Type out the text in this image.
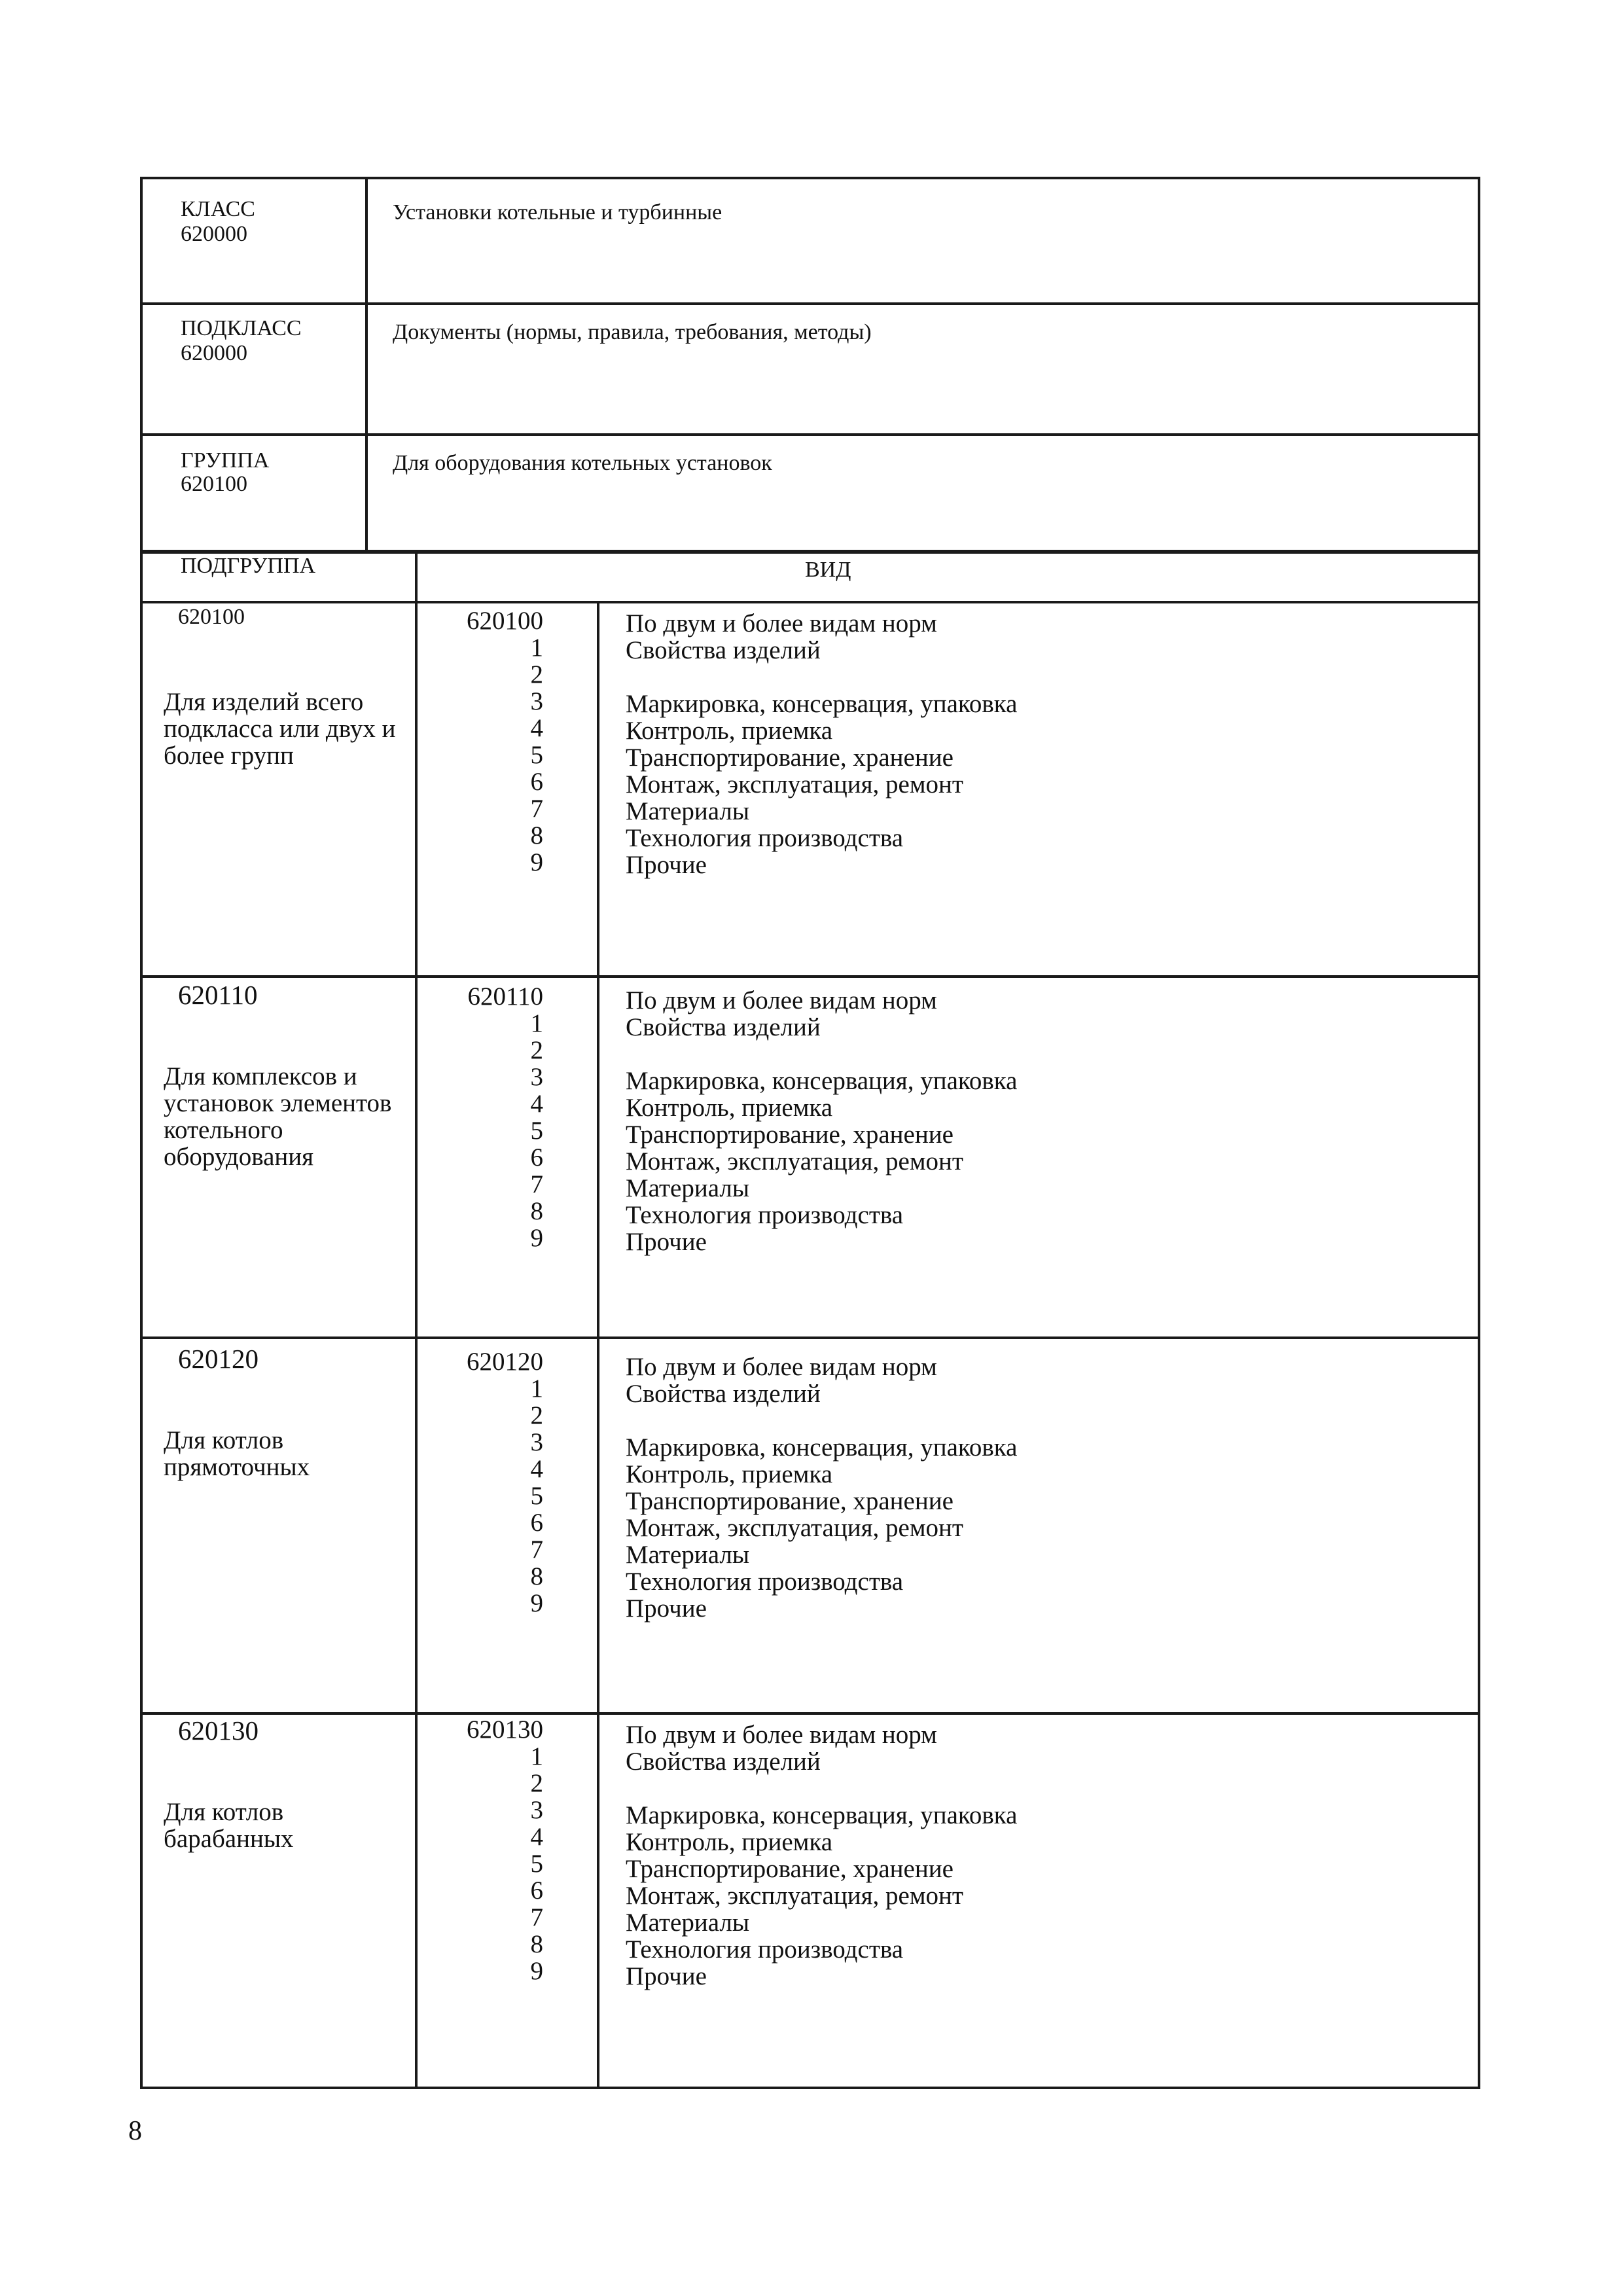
КЛАСС
620000
Установки котельные и турбинные
ПОДКЛАСС
620000
Документы (нормы, правила, требования, методы)
ГРУППА
620100
Для оборудования котельных установок
ПОДГРУППА	ВИД
620100
Для изделий всего подкласса или двух и более групп
620100
1
2
3
4
5
6
7
8
9
По двум и более видам норм
Свойства изделий
Маркировка, консервация, упаковка
Контроль, приемка
Транспортирование, хранение
Монтаж, эксплуатация, ремонт
Материалы
Технология производства
Прочие
620110
Для комплексов и установок элементов котельного оборудования
620110
1
2
3
4
5
6
7
8
9
По двум и более видам норм
Свойства изделий
Маркировка, консервация, упаковка
Контроль, приемка
Транспортирование, хранение
Монтаж, эксплуатация, ремонт
Материалы
Технология производства
Прочие
620120
Для котлов прямоточных
620120
1
2
3
4
5
6
7
8
9
По двум и более видам норм
Свойства изделий
Маркировка, консервация, упаковка
Контроль, приемка
Транспортирование, хранение
Монтаж, эксплуатация, ремонт
Материалы
Технология производства
Прочие
620130
Для котлов барабанных
620130
1
2
3
4
5
6
7
8
9
По двум и более видам норм
Свойства изделий
Маркировка, консервация, упаковка
Контроль, приемка
Транспортирование, хранение
Монтаж, эксплуатация, ремонт
Материалы
Технология производства
Прочие
8
